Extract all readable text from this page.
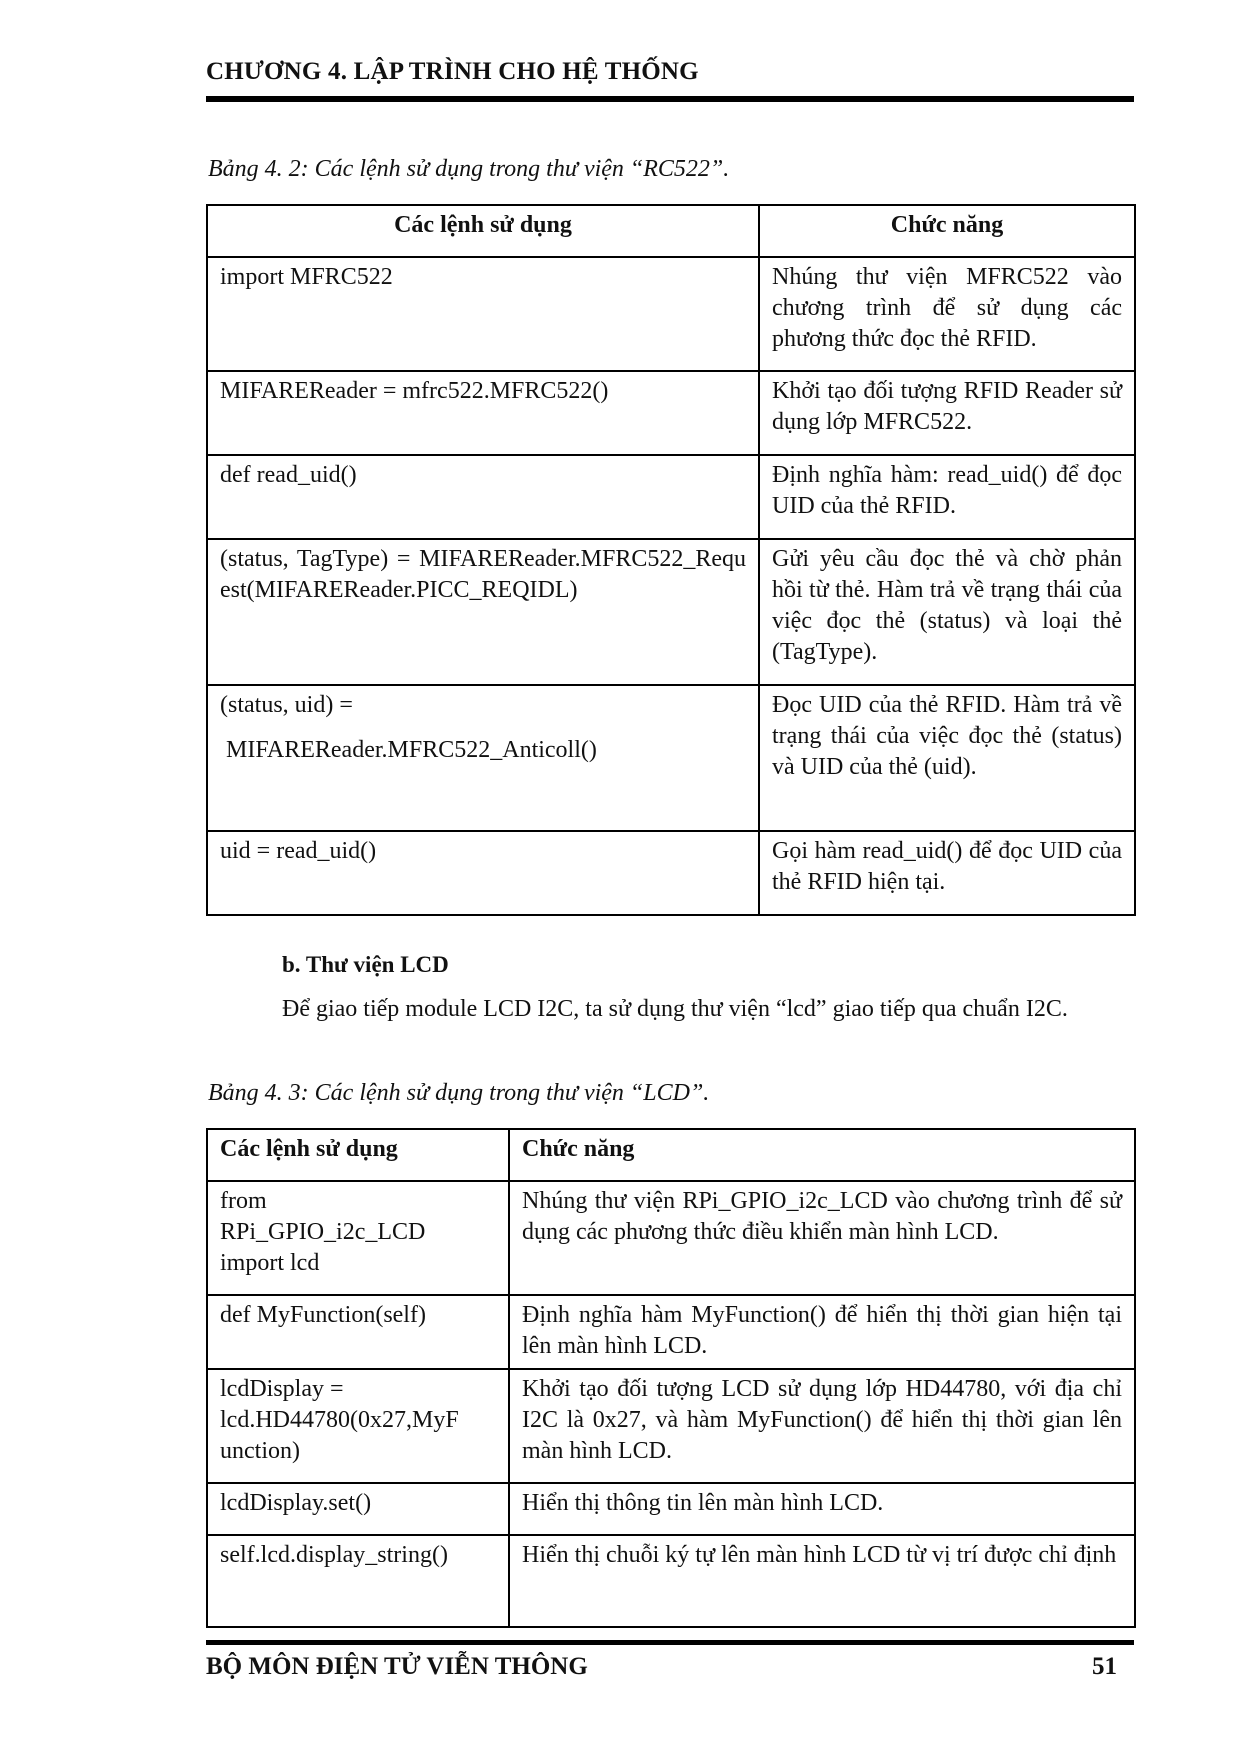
CHƯƠNG 4. LẬP TRÌNH CHO HỆ THỐNG
Bảng 4. 2: Các lệnh sử dụng trong thư viện “RC522”.
Các lệnh sử dụng	Chức năng
import MFRC522	Nhúng thư viện MFRC522 vào chương trình để sử dụng các phương thức đọc thẻ RFID.
MIFAREReader = mfrc522.MFRC522()	Khởi tạo đối tượng RFID Reader sử dụng lớp MFRC522.
def read_uid()	Định nghĩa hàm: read_uid() để đọc UID của thẻ RFID.
(status, TagType) = MIFAREReader.MFRC522_Request(MIFAREReader.PICC_REQIDL)	Gửi yêu cầu đọc thẻ và chờ phản hồi từ thẻ. Hàm trả về trạng thái của việc đọc thẻ (status) và loại thẻ (TagType).

(status, uid) =
MIFAREReader.MFRC522_Anticoll()	Đọc UID của thẻ RFID. Hàm trả về trạng thái của việc đọc thẻ (status) và UID của thẻ (uid).
uid = read_uid()	Gọi hàm read_uid() để đọc UID của thẻ RFID hiện tại.
b. Thư viện LCD
Để giao tiếp module LCD I2C, ta sử dụng thư viện “lcd” giao tiếp qua chuẩn I2C.
Bảng 4. 3: Các lệnh sử dụng trong thư viện “LCD”.
Các lệnh sử dụng	Chức năng

from
RPi_GPIO_i2c_LCD
import lcd	Nhúng thư viện RPi_GPIO_i2c_LCD vào chương trình để sử dụng các phương thức điều khiển màn hình LCD.
def MyFunction(self)	Định nghĩa hàm MyFunction() để hiển thị thời gian hiện tại lên màn hình LCD.

lcdDisplay =
lcd.HD44780(0x27,MyF
unction)	Khởi tạo đối tượng LCD sử dụng lớp HD44780, với địa chỉ I2C là 0x27, và hàm MyFunction() để hiển thị thời gian lên màn hình LCD.
lcdDisplay.set()	Hiển thị thông tin lên màn hình LCD.
self.lcd.display_string()	Hiển thị chuỗi ký tự lên màn hình LCD từ vị trí được chỉ định
BỘ MÔN ĐIỆN TỬ VIỄN THÔNG	51
